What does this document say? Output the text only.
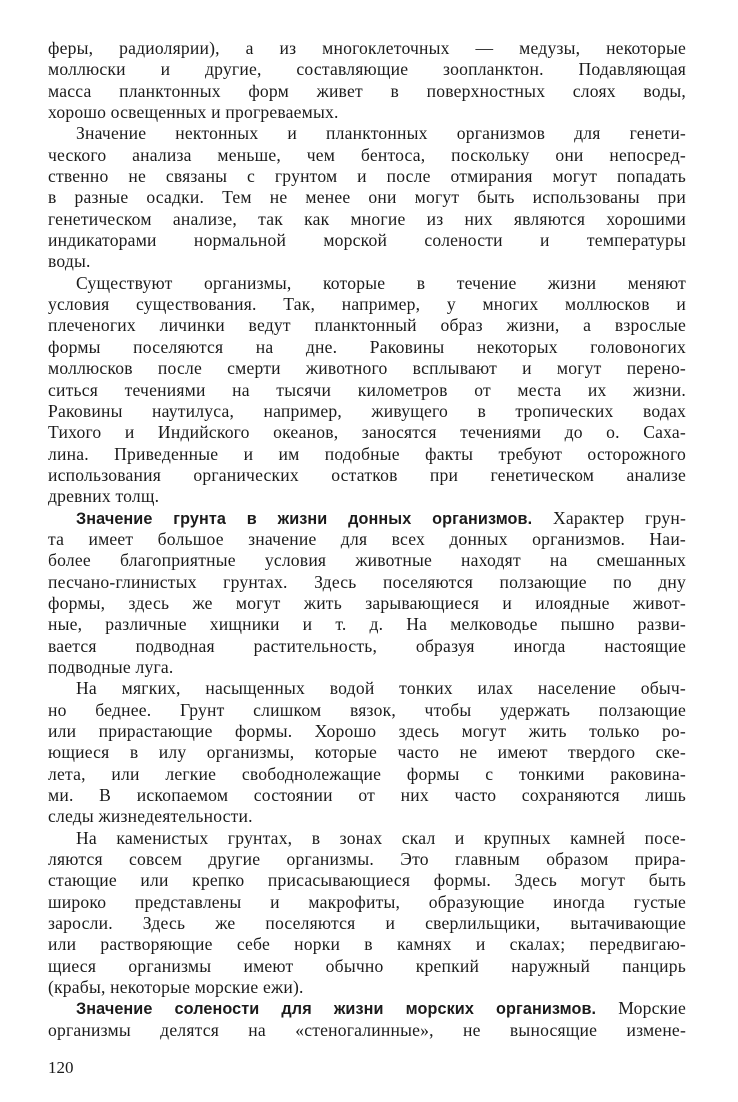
феры, радиолярии), а из многоклеточных — медузы, некоторые
моллюски и другие, составляющие зоопланктон. Подавляющая
масса планктонных форм живет в поверхностных слоях воды,
хорошо освещенных и прогреваемых.
Значение нектонных и планктонных организмов для генети-
ческого анализа меньше, чем бентоса, поскольку они непосред-
ственно не связаны с грунтом и после отмирания могут попадать
в разные осадки. Тем не менее они могут быть использованы при
генетическом анализе, так как многие из них являются хорошими
индикаторами нормальной морской солености и температуры
воды.
Существуют организмы, которые в течение жизни меняют
условия существования. Так, например, у многих моллюсков и
плеченогих личинки ведут планктонный образ жизни, а взрослые
формы поселяются на дне. Раковины некоторых головоногих
моллюсков после смерти животного всплывают и могут перено-
ситься течениями на тысячи километров от места их жизни.
Раковины наутилуса, например, живущего в тропических водах
Тихого и Индийского океанов, заносятся течениями до о. Саха-
лина. Приведенные и им подобные факты требуют осторожного
использования органических остатков при генетическом анализе
древних толщ.
Значение грунта в жизни донных организмов. Характер грун-
та имеет большое значение для всех донных организмов. Наи-
более благоприятные условия животные находят на смешанных
песчано-глинистых грунтах. Здесь поселяются ползающие по дну
формы, здесь же могут жить зарывающиеся и илоядные живот-
ные, различные хищники и т. д. На мелководье пышно разви-
вается подводная растительность, образуя иногда настоящие
подводные луга.
На мягких, насыщенных водой тонких илах население обыч-
но беднее. Грунт слишком вязок, чтобы удержать ползающие
или прирастающие формы. Хорошо здесь могут жить только ро-
ющиеся в илу организмы, которые часто не имеют твердого ске-
лета, или легкие свободнолежащие формы с тонкими раковина-
ми. В ископаемом состоянии от них часто сохраняются лишь
следы жизнедеятельности.
На каменистых грунтах, в зонах скал и крупных камней посе-
ляются совсем другие организмы. Это главным образом прира-
стающие или крепко присасывающиеся формы. Здесь могут быть
широко представлены и макрофиты, образующие иногда густые
заросли. Здесь же поселяются и сверлильщики, вытачивающие
или растворяющие себе норки в камнях и скалах; передвигаю-
щиеся организмы имеют обычно крепкий наружный панцирь
(крабы, некоторые морские ежи).
Значение солености для жизни морских организмов. Морские
организмы делятся на «стеногалинные», не выносящие измене-
120
